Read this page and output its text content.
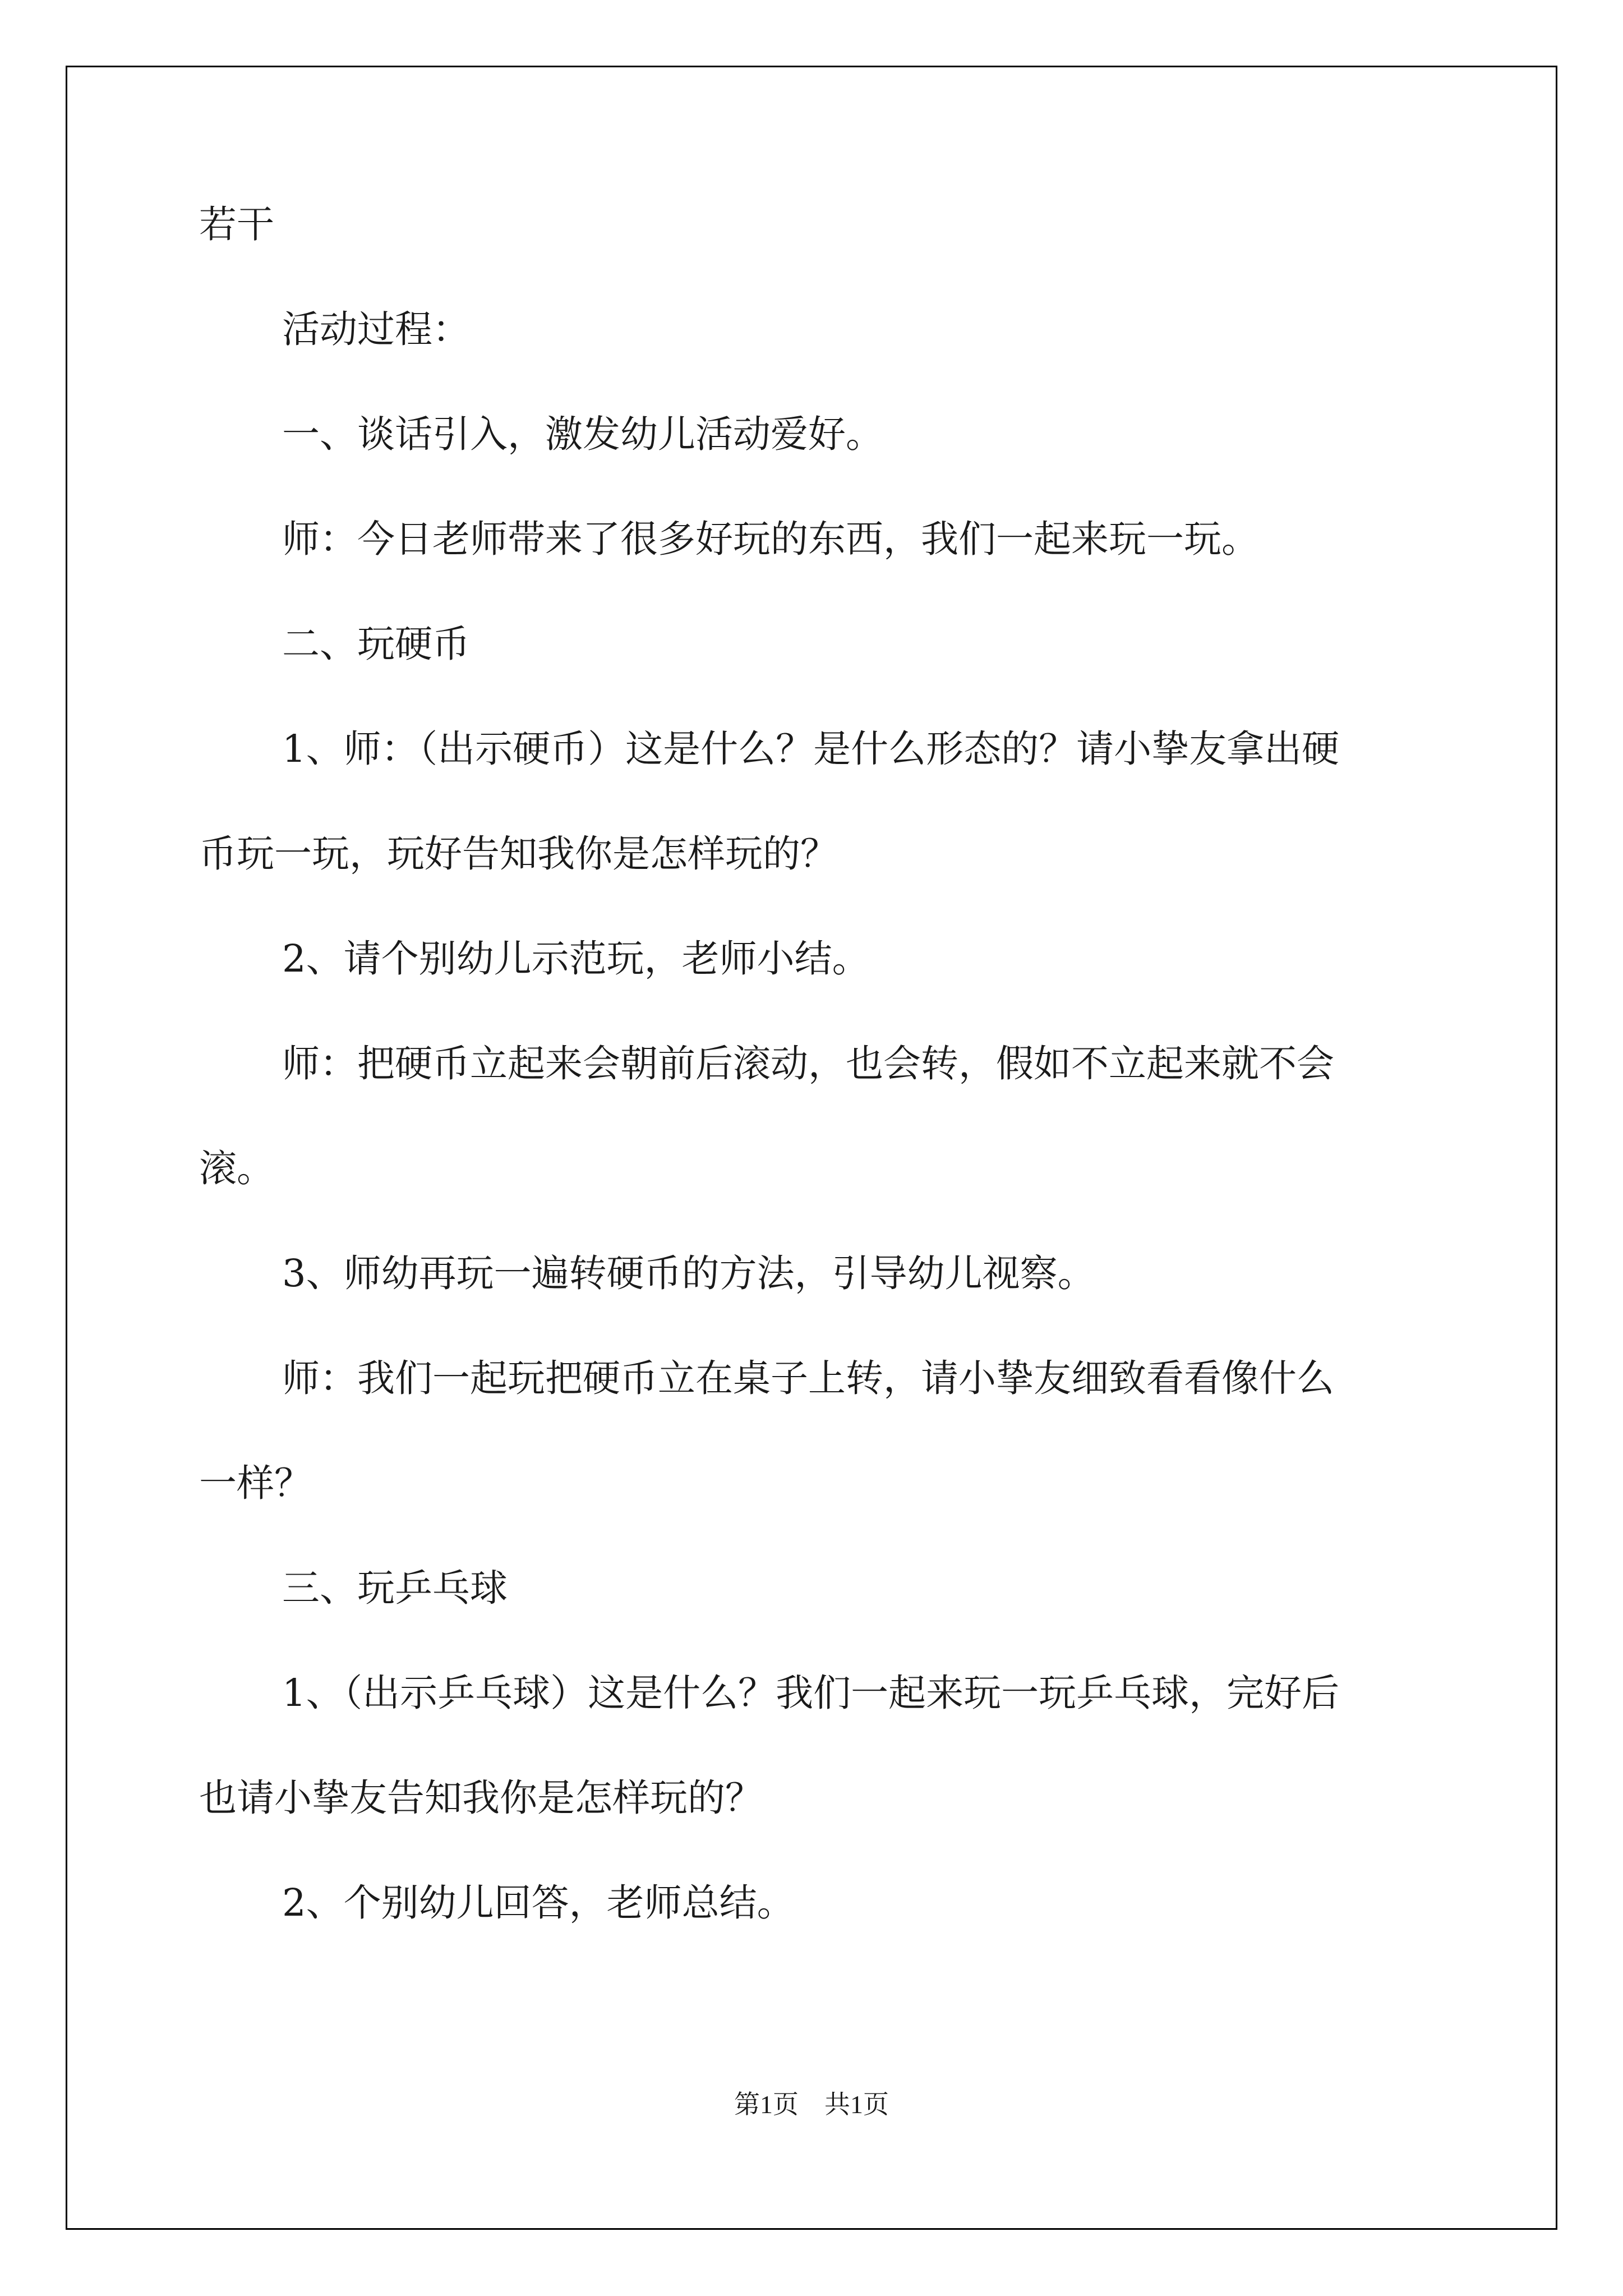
若干
活动过程：
一、谈话引入，激发幼儿活动爱好。
师：今日老师带来了很多好玩的东西，我们一起来玩一玩。
二、玩硬币
1、师：（出示硬币）这是什么？是什么形态的？请小挚友拿出硬
币玩一玩，玩好告知我你是怎样玩的？
2、请个别幼儿示范玩，老师小结。
师：把硬币立起来会朝前后滚动，也会转，假如不立起来就不会
滚。
3、师幼再玩一遍转硬币的方法，引导幼儿视察。
师：我们一起玩把硬币立在桌子上转，请小挚友细致看看像什么
一样？
三、玩乒乓球
1、（出示乒乓球）这是什么？我们一起来玩一玩乒乓球，完好后
也请小挚友告知我你是怎样玩的？
2、个别幼儿回答，老师总结。
第1页　共1页
